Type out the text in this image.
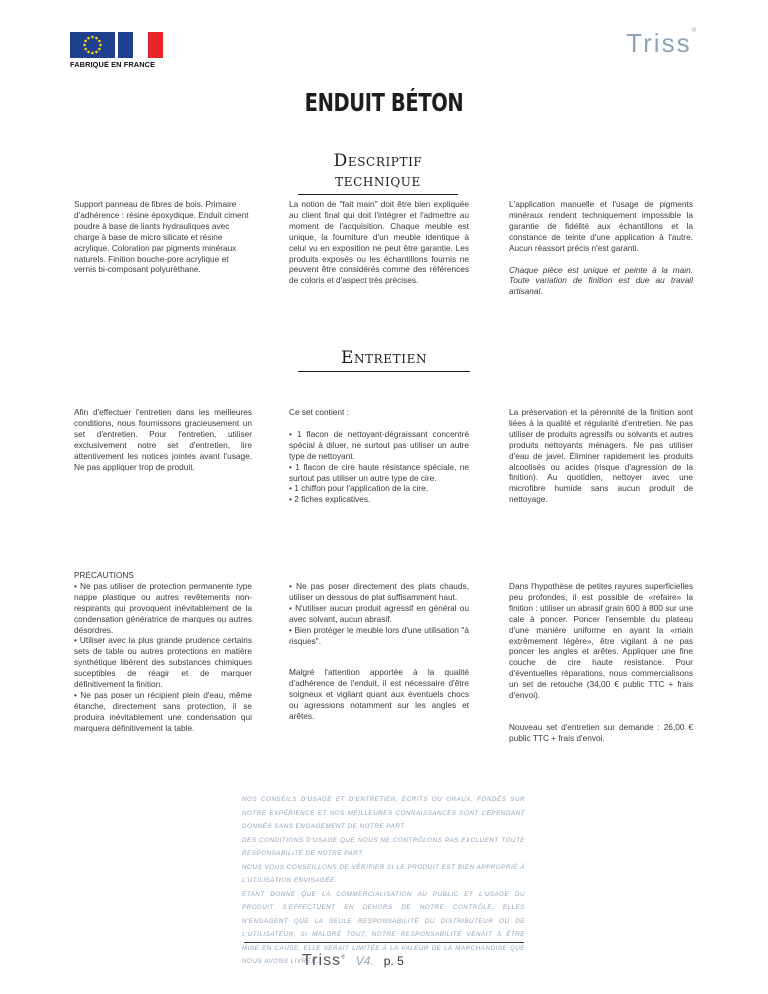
FABRIQUÉ EN FRANCE
Triss®
ENDUIT BÉTON
Descriptif technique

Support panneau de fibres de bois. Primaire d'adhérence : résine époxydique. Enduit ciment poudre à base de liants hydrauliques avec charge à base de micro silicate et résine acrylique. Coloration par pigments minéraux naturels. Finition bouche-pore acrylique et vernis bi-composant polyuréthane.

La notion de "fait main" doit être bien expliquée au client final qui doit l'intégrer et l'admettre au moment de l'acquisition. Chaque meuble est unique, la fourniture d'un meuble identique à celui vu en exposition ne peut être garantie. Les produits exposés ou les échantillons fournis ne peuvent être considérés comme des références de coloris et d'aspect très précises.

L'application manuelle et l'usage de pigments minéraux rendent techniquement impossible la garantie de fidélité aux échantillons et la constance de teinte d'une application à l'autre. Aucun réassort précis n'est garanti.

Chaque pièce est unique et peinte à la main. Toute variation de finition est due au travail artisanal.

Entretien

Afin d'effectuer l'entretien dans les meilleures conditions, nous fournissons gracieusement un set d'entretien. Pour l'entretien, utiliser exclusivement notre set d'entretien, lire attentivement les notices jointes avant l'usage. Ne pas appliquer trop de produit.

Ce set contient :

• 1 flacon de nettoyant-dégraissant concentré spécial à diluer, ne surtout pas utiliser un autre type de nettoyant.

• 1 flacon de cire haute résistance spéciale, ne surtout pas utiliser un autre type de cire.

• 1 chiffon pour l'application de la cire.

• 2 fiches explicatives.

La préservation et la pérennité de la finition sont liées à la qualité et régularité d'entretien. Ne pas utiliser de produits agressifs ou solvants et autres produits nettoyants ménagers. Ne pas utiliser d'eau de javel. Éliminer rapidement les produits alcoolisés ou acides (risque d'agression de la finition). Au quotidien, nettoyer avec une microfibre humide sans aucun produit de nettoyage.

PRÉCAUTIONS

• Ne pas utiliser de protection permanente type nappe plastique ou autres revêtements non-respirants qui provoquent inévitablement de la condensation génératrice de marques ou autres désordres.

• Utiliser avec la plus grande prudence certains sets de table ou autres protections en matière synthétique libèrent des substances chimiques suceptibles de réagir et de marquer définitivement la finition.

• Ne pas poser un récipient plein d'eau, même étanche, directement sans protection, il se produira inévitablement une condensation qui marquera définitivement la table.

• Ne pas poser directement des plats chauds, utiliser un dessous de plat suffisamment haut.

• N'utiliser aucun produit agressif en général ou avec solvant, aucun abrasif.

• Bien protéger le meuble lors d'une utilisation "à risques".

Malgré l'attention apportée à la qualité d'adhérence de l'enduit, il est nécessaire d'être soigneux et vigilant quant aux éventuels chocs ou agressions notamment sur les angles et arêtes.

Dans l'hypothèse de petites rayures superficielles peu profondes, il est possible de «refaire» la finition : utiliser un abrasif grain 600 à 800 sur une cale à poncer. Poncer l'ensemble du plateau d'une manière uniforme en ayant la «main extrêmement légère», être vigilant à ne pas poncer les angles et arêtes. Appliquer une fine couche de cire haute resistance. Pour d'éventuelles réparations, nous commercialisons un set de retouche (34,00 € public TTC + frais d'envoi).

Nouveau set d'entretien sur demande : 26,00 € public TTC + frais d'envoi.

NOS CONSEILS D'USAGE ET D'ENTRETIEN, ÉCRITS OU ORAUX, FONDÉS SUR NOTRE EXPÉRIENCE ET NOS MEILLEURES CONNAISSANCES SONT CEPENDANT DONNÉS SANS ENGAGEMENT DE NOTRE PART.

DES CONDITIONS D'USAGE QUE NOUS NE CONTRÔLONS PAS EXCLUENT TOUTE RESPONSABILITÉ DE NOTRE PART.

NOUS VOUS CONSEILLONS DE VÉRIFIER SI LE PRODUIT EST BIEN APPROPRIÉ À L'UTILISATION ENVISAGÉE.

ÉTANT DONNÉ QUE LA COMMERCIALISATION AU PUBLIC ET L'USAGE DU PRODUIT S'EFFECTUENT EN DEHORS DE NOTRE CONTRÔLE, ELLES N'ENGAGENT QUE LA SEULE RESPONSABILITÉ DU DISTRIBUTEUR OU DE L'UTILISATEUR, SI MALGRÉ TOUT, NOTRE RESPONSABILITÉ VENAIT À ÊTRE MISE EN CAUSE, ELLE SERAIT LIMITÉE À LA VALEUR DE LA MARCHANDISE QUE NOUS AVONS LIVRÉE.

Triss® V4. p. 5
